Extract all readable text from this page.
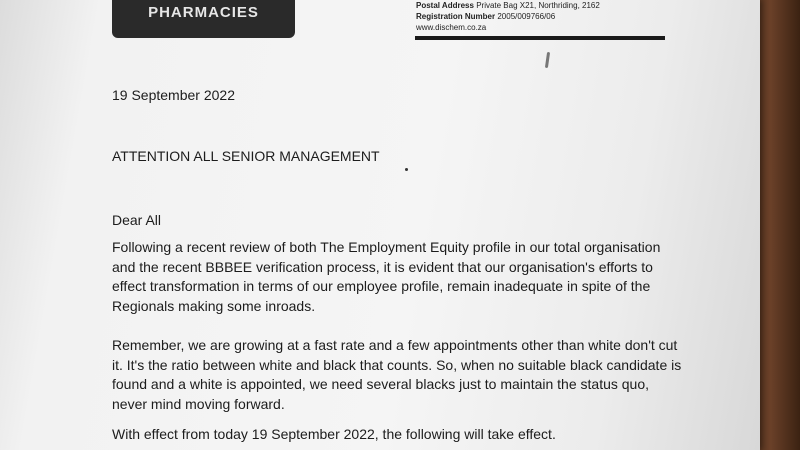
PHARMACIES	Postal Address Private Bag X21, Northriding, 2162
Registration Number 2005/009766/06
www.dischem.co.za
19 September 2022
ATTENTION ALL SENIOR MANAGEMENT
Dear All
Following a recent review of both The Employment Equity profile in our total organisation
and the recent BBBEE verification process, it is evident that our organisation's efforts to
effect transformation in terms of our employee profile, remain inadequate in spite of the
Regionals making some inroads.
Remember, we are growing at a fast rate and a few appointments other than white don't cut
it. It's the ratio between white and black that counts. So, when no suitable black candidate is
found and a white is appointed, we need several blacks just to maintain the status quo,
never mind moving forward.
With effect from today 19 September 2022, the following will take effect.
